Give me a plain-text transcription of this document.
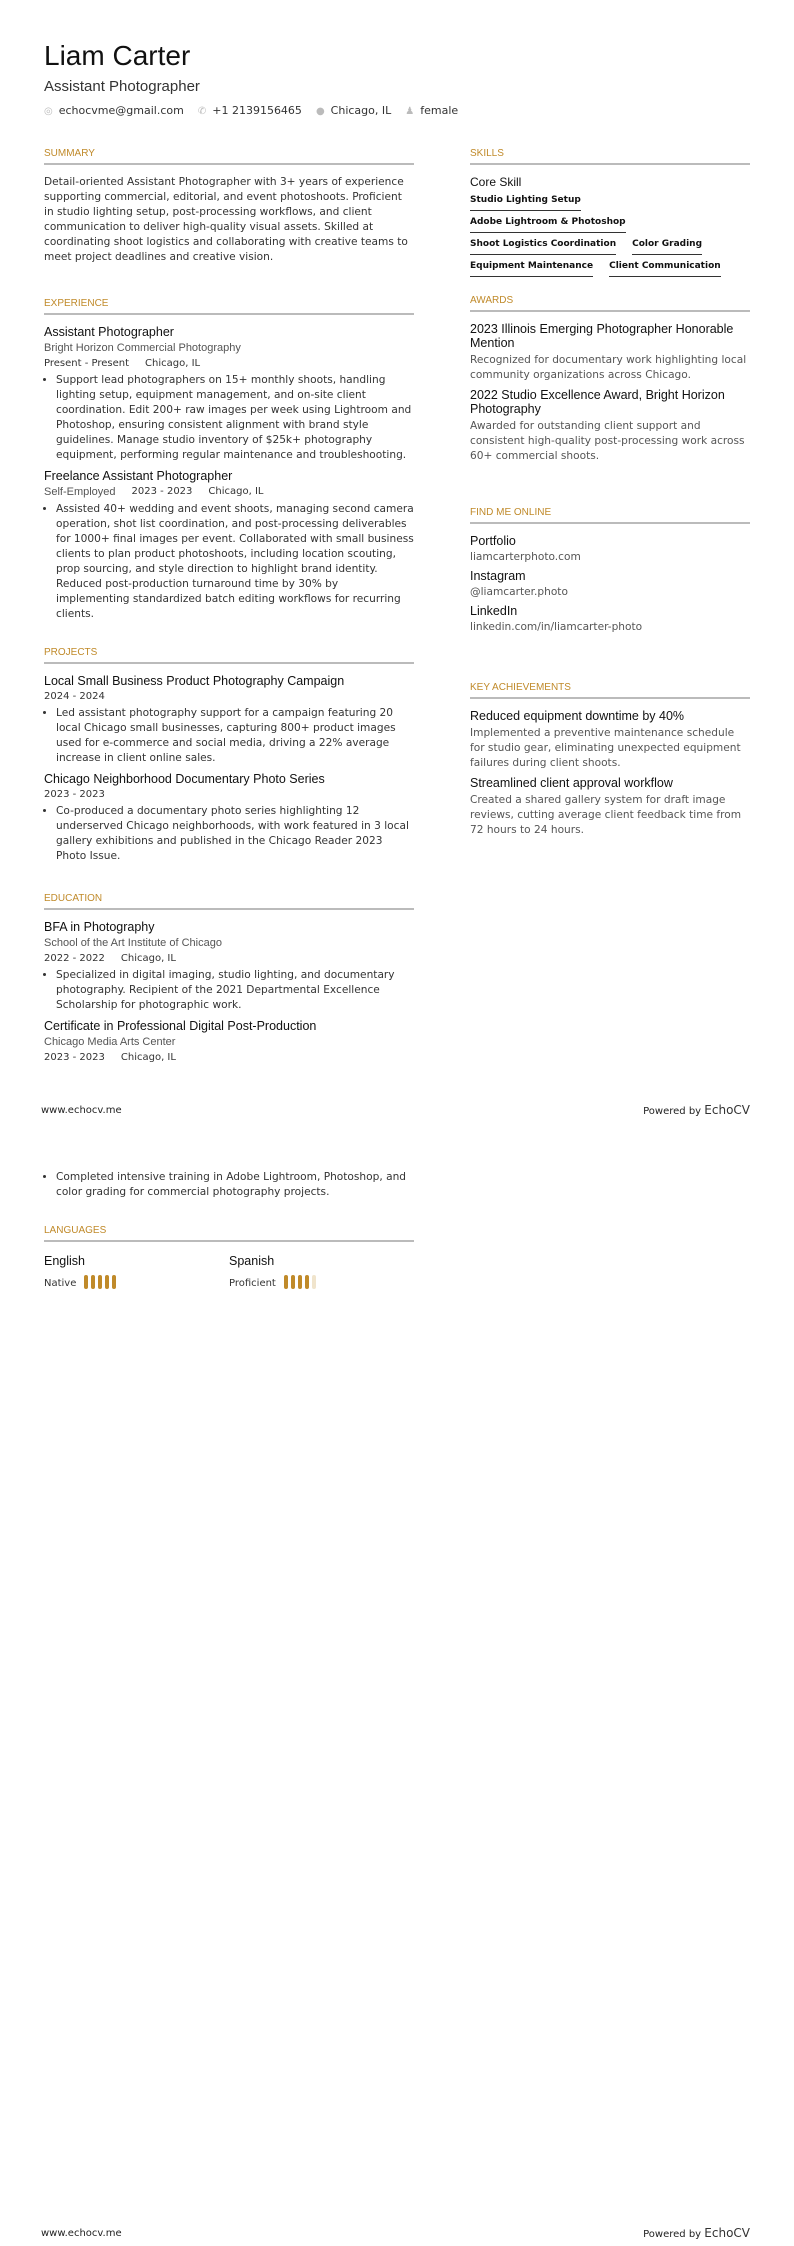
Liam Carter
Assistant Photographer
◎ echocvme@gmail.com ✆ +1 2139156465 ● Chicago, IL ♟ female
SUMMARY

Detail-oriented Assistant Photographer with 3+ years of experience supporting commercial, editorial, and event photoshoots. Proficient in studio lighting setup, post-processing workflows, and client communication to deliver high-quality visual assets. Skilled at coordinating shoot logistics and collaborating with creative teams to meet project deadlines and creative vision.

EXPERIENCE
Assistant Photographer
Bright Horizon Commercial Photography
Present - Present Chicago, IL
• Support lead photographers on 15+ monthly shoots, handling lighting setup, equipment management, and on-site client coordination. Edit 200+ raw images per week using Lightroom and Photoshop, ensuring consistent alignment with brand style guidelines. Manage studio inventory of $25k+ photography equipment, performing regular maintenance and troubleshooting.
Freelance Assistant Photographer
Self-Employed 2023 - 2023 Chicago, IL
• Assisted 40+ wedding and event shoots, managing second camera operation, shot list coordination, and post-processing deliverables for 1000+ final images per event. Collaborated with small business clients to plan product photoshoots, including location scouting, prop sourcing, and style direction to highlight brand identity. Reduced post-production turnaround time by 30% by implementing standardized batch editing workflows for recurring clients.
PROJECTS
Local Small Business Product Photography Campaign
2024 - 2024
• Led assistant photography support for a campaign featuring 20 local Chicago small businesses, capturing 800+ product images used for e-commerce and social media, driving a 22% average increase in client online sales.
Chicago Neighborhood Documentary Photo Series
2023 - 2023
• Co-produced a documentary photo series highlighting 12 underserved Chicago neighborhoods, with work featured in 3 local gallery exhibitions and published in the Chicago Reader 2023 Photo Issue.
EDUCATION
BFA in Photography
School of the Art Institute of Chicago
2022 - 2022 Chicago, IL
• Specialized in digital imaging, studio lighting, and documentary photography. Recipient of the 2021 Departmental Excellence Scholarship for photographic work.
Certificate in Professional Digital Post-Production
Chicago Media Arts Center
2023 - 2023 Chicago, IL
SKILLS
Core Skill
Studio Lighting Setup
Adobe Lightroom & Photoshop
Shoot Logistics Coordination Color Grading
Equipment Maintenance Client Communication
AWARDS
2023 Illinois Emerging Photographer Honorable Mention
Recognized for documentary work highlighting local community organizations across Chicago.
2022 Studio Excellence Award, Bright Horizon Photography
Awarded for outstanding client support and consistent high-quality post-processing work across 60+ commercial shoots.
FIND ME ONLINE
Portfolio
liamcarterphoto.com
Instagram
@liamcarter.photo
LinkedIn
linkedin.com/in/liamcarter-photo
KEY ACHIEVEMENTS
Reduced equipment downtime by 40%
Implemented a preventive maintenance schedule for studio gear, eliminating unexpected equipment failures during client shoots.
Streamlined client approval workflow
Created a shared gallery system for draft image reviews, cutting average client feedback time from 72 hours to 24 hours.
www.echocv.me	Powered by EchoCV
• Completed intensive training in Adobe Lightroom, Photoshop, and color grading for commercial photography projects.
LANGUAGES
English
Native
Spanish
Proficient
www.echocv.me	Powered by EchoCV
